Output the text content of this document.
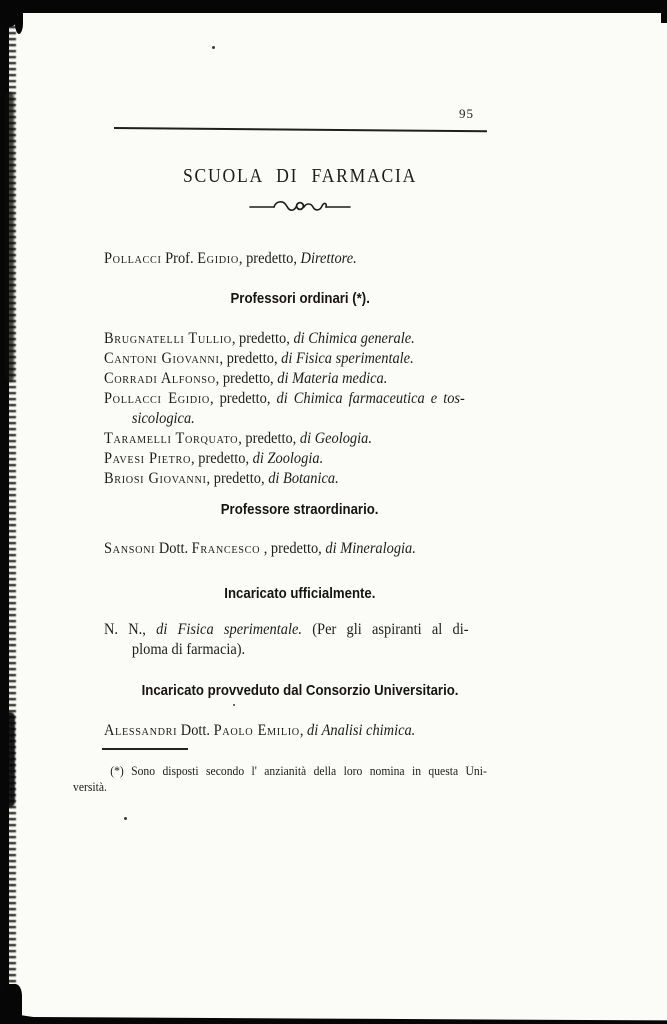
95
SCUOLA DI FARMACIA
Pollacci Prof. Egidio, predetto, Direttore.
Professori ordinari (*).
Brugnatelli Tullio, predetto, di Chimica generale.
Cantoni Giovanni, predetto, di Fisica sperimentale.
Corradi Alfonso, predetto, di Materia medica.
Pollacci Egidio, predetto, di Chimica farmaceutica e tos-
sicologica.
Taramelli Torquato, predetto, di Geologia.
Pavesi Pietro, predetto, di Zoologia.
Briosi Giovanni, predetto, di Botanica.
Professore straordinario.
Sansoni Dott. Francesco , predetto, di Mineralogia.
Incaricato ufficialmente.
N. N., di Fisica sperimentale. (Per gli aspiranti al di-
ploma di farmacia).
Incaricato provveduto dal Consorzio Universitario.
Alessandri Dott. Paolo Emilio, di Analisi chimica.
(*) Sono disposti secondo l' anzianità della loro nomina in questa Uni-
versità.
